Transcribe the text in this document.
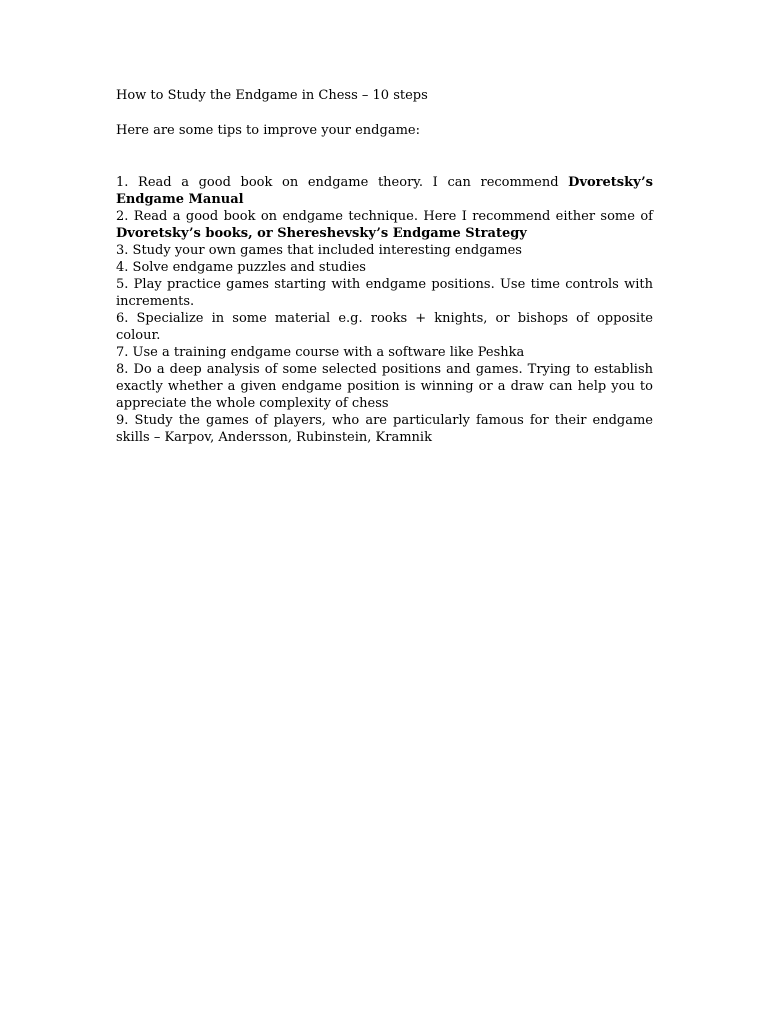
How to Study the Endgame in Chess – 10 steps

Here are some tips to improve your endgame:

1. Read a good book on endgame theory. I can recommend Dvoretsky’s Endgame Manual
2. Read a good book on endgame technique. Here I recommend either some of Dvoretsky’s books, or Shereshevsky’s Endgame Strategy
3. Study your own games that included interesting endgames
4. Solve endgame puzzles and studies
5. Play practice games starting with endgame positions. Use time controls with increments.
6. Specialize in some material e.g. rooks + knights, or bishops of opposite colour.
7. Use a training endgame course with a software like Peshka
8. Do a deep analysis of some selected positions and games. Trying to establish exactly whether a given endgame position is winning or a draw can help you to appreciate the whole complexity of chess
9. Study the games of players, who are particularly famous for their endgame skills – Karpov, Andersson, Rubinstein, Kramnik
